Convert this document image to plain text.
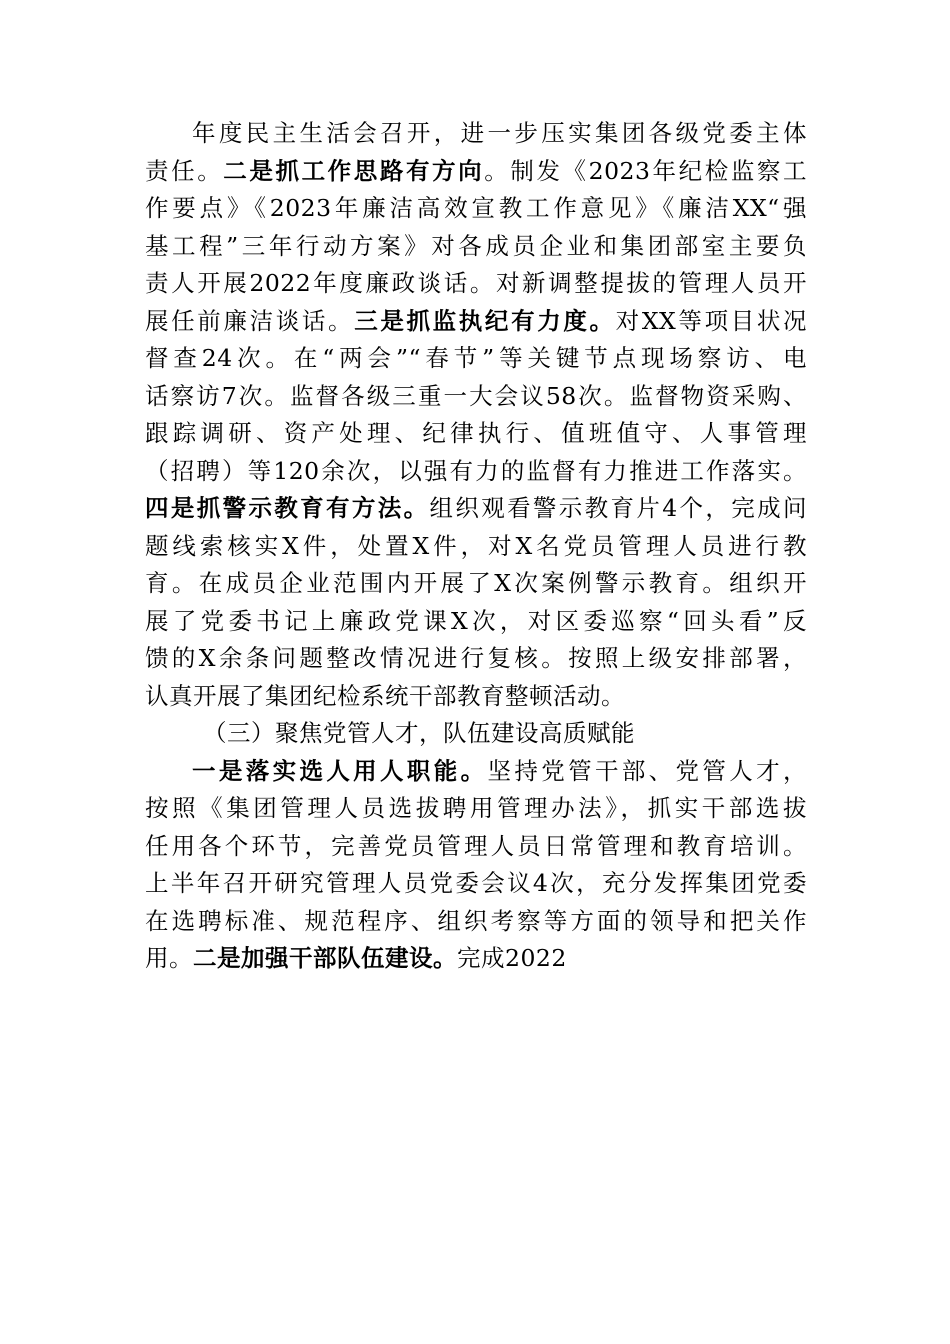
年度民主生活会召开，进一步压实集团各级党委主体
责任。二是抓工作思路有方向。制发《2023年纪检监察工
作要点》《2023年廉洁高效宣教工作意见》《廉洁XX“强
基工程”三年行动方案》对各成员企业和集团部室主要负
责人开展2022年度廉政谈话。对新调整提拔的管理人员开
展任前廉洁谈话。三是抓监执纪有力度。对XX等项目状况
督查24次。在“两会”“春节”等关键节点现场察访、电
话察访7次。监督各级三重一大会议58次。监督物资采购、
跟踪调研、资产处理、纪律执行、值班值守、人事管理
（招聘）等120余次，以强有力的监督有力推进工作落实。
四是抓警示教育有方法。组织观看警示教育片4个，完成问
题线索核实X件，处置X件，对X名党员管理人员进行教
育。在成员企业范围内开展了X次案例警示教育。组织开
展了党委书记上廉政党课X次，对区委巡察“回头看”反
馈的X余条问题整改情况进行复核。按照上级安排部署，
认真开展了集团纪检系统干部教育整顿活动。
（三）聚焦党管人才，队伍建设高质赋能
一是落实选人用人职能。坚持党管干部、党管人才，
按照《集团管理人员选拔聘用管理办法》，抓实干部选拔
任用各个环节，完善党员管理人员日常管理和教育培训。
上半年召开研究管理人员党委会议4次，充分发挥集团党委
在选聘标准、规范程序、组织考察等方面的领导和把关作
用。二是加强干部队伍建设。完成2022
